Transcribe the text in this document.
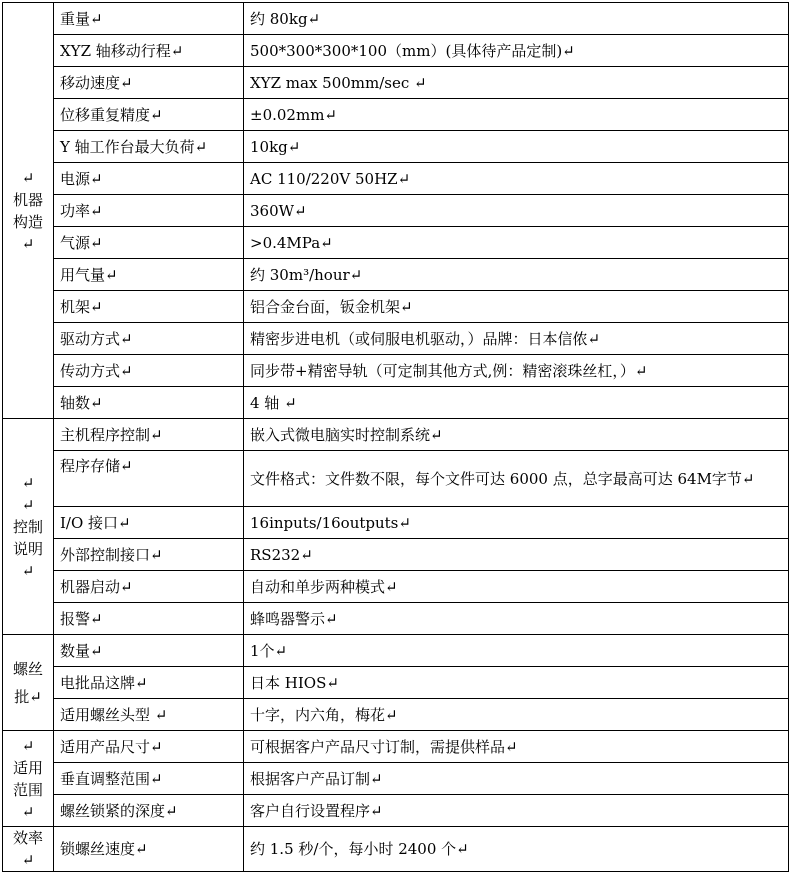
↵
机器
构造↵	重量↵	约 80kg↵
	XYZ 轴移动行程↵	500*300*300*100（mm）(具体待产品定制)↵
	移动速度↵	XYZ max 500mm/sec ↵
	位移重复精度↵	±0.02mm↵
	Y 轴工作台最大负荷↵	10kg↵
	电源↵	AC 110/220V 50HZ↵
	功率↵	360W↵
	气源↵	>0.4MPa↵
	用气量↵	约 30m³/hour↵
	机架↵	铝合金台面，钣金机架↵
	驱动方式↵	精密步进电机（或伺服电机驱动，）品牌：日本信侬↵
	传动方式↵	同步带+精密导轨（可定制其他方式,例：精密滚珠丝杠，）↵
	轴数↵	4 轴 ↵

↵
↵
控制
说明↵	主机程序控制↵	嵌入式微电脑实时控制系统↵
	程序存储↵	文件格式：文件数不限，每个文件可达 6000 点，总字最高可达 64M字节↵
	I/O 接口↵	16inputs/16outputs↵
	外部控制接口↵	RS232↵
	机器启动↵	自动和单步两种模式↵
	报警↵	蜂鸣器警示↵

螺丝
批↵	数量↵	1个↵
	电批品这牌↵	日本 HIOS↵
	适用螺丝头型 ↵	十字，内六角，梅花↵

↵
适用
范围↵	适用产品尺寸↵	可根据客户产品尺寸订制，需提供样品↵
	垂直调整范围↵	根据客户产品订制↵
	螺丝锁紧的深度↵	客户自行设置程序↵

效率↵	锁螺丝速度↵	约 1.5 秒/个，每小时 2400 个↵
